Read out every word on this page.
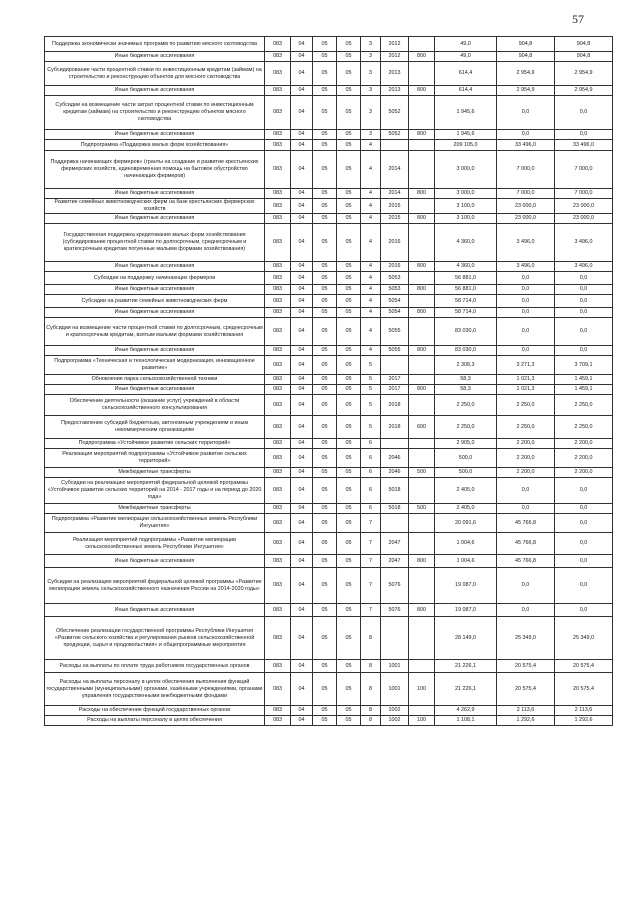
57
Поддержка экономически значимых программ по развитию мясного скотоводства	083	04	05	05	3	2012		49,0	904,8	904,8
Иные бюджетные ассигнования	083	04	05	05	3	2012	800	49,0	904,8	904,8
Субсидирование части процентной ставки по инвестиционным кредитам (займам) на строительство и реконструкцию объектов для мясного скотоводства	083	04	05	05	3	2013		614,4	2 954,9	2 954,9
Иные бюджетные ассигнования	083	04	05	05	3	2013	800	614,4	2 954,9	2 954,9
Субсидии на возмещение части затрат процентной ставки по инвестиционным кредитам (займам) на строительство и реконструкцию объектов мясного скотоводства	083	04	05	05	3	5052		1 945,6	0,0	0,0
Иные бюджетные ассигнования	083	04	05	05	3	5052	800	1 945,6	0,0	0,0
Подпрограмма «Поддержка малых форм хозяйствования»	083	04	05	05	4			209 105,0	33 496,0	33 496,0
Поддержка начинающих фермеров» (гранты на создание и развитие крестьянских фермерских хозяйств, единовременная помощь на бытовое обустройство начинающих фермеров)	083	04	05	05	4	2014		3 000,0	7 000,0	7 000,0
Иные бюджетные ассигнования	083	04	05	05	4	2014	800	3 000,0	7 000,0	7 000,0
Развитие семейных животноводческих ферм на базе крестьянских фермерских хозяйств	083	04	05	05	4	2015		3 100,0	23 000,0	23 000,0
Иные бюджетные ассигнования	083	04	05	05	4	2015	800	3 100,0	23 000,0	23 000,0
Государственная поддержка кредитования малых форм хозяйствования (субсидирование процентной ставки по долгосрочным, среднесрочным и краткосрочным кредитам погуенные малыми формами хозяйствования)	083	04	05	05	4	2016		4 360,0	3 496,0	3 496,0
Иные бюджетные ассигнования	083	04	05	05	4	2016	800	4 360,0	3 496,0	3 496,0
Субсидии на поддержку начинающих фермеров	083	04	05	05	4	5053		56 881,0	0,0	0,0
Иные бюджетные ассигнования	083	04	05	05	4	5053	800	56 881,0	0,0	0,0
Субсидии на развитие семейных животноводческих ферм	083	04	05	05	4	5054		58 714,0	0,0	0,0
Иные бюджетные ассигнования	083	04	05	05	4	5054	800	58 714,0	0,0	0,0
Субсидии на возмещение части процентной ставки по долгосрочным, среднесрочным и краткосрочным кредитам, взятым малыми формами хозяйствования	083	04	05	05	4	5055		83 030,0	0,0	0,0
Иные бюджетные ассигнования	083	04	05	05	4	5055	800	83 030,0	0,0	0,0
Подпрограмма «Техническая и технологическая модернизация, инновационное развитие»	083	04	05	05	5			2 308,3	3 271,3	3 709,1
Обновление парка сельскохозяйственной техники	083	04	05	05	5	2017		58,3	1 021,3	1 459,1
Иные бюджетные ассигнования	083	04	05	05	5	2017	800	58,3	1 021,3	1 459,1
Обеспечение деятельности (оказание услуг) учреждений в области сельскохозяйственного консультирования	083	04	05	05	5	2018		2 250,0	2 250,0	2 250,0
Предоставление субсидий бюджетным, автономным учреждениям и иным некоммерческим организациям	083	04	05	05	5	2018	600	2 250,0	2 250,0	2 250,0
Подпрограмма «Устойчивое развитие сельских территорий»	083	04	05	05	6			2 905,0	2 200,0	2 200,0
Реализация мероприятий подпрограммы «Устойчивое развитие сельских территорий»	083	04	05	05	6	2046		500,0	2 200,0	2 200,0
Межбюджетные трансферты	083	04	05	05	6	2046	500	500,0	2 200,0	2 200,0
Субсидии на реализацию мероприятий федеральной целевой программы «Устойчивое развитие сельских территорий на 2014 - 2017 годы и на период до 2020 года»	083	04	05	05	6	5018		2 405,0	0,0	0,0
Межбюджетные трансферты	083	04	05	05	6	5018	500	2 405,0	0,0	0,0
Подпрограмма «Развитие мелиорации сельскохозяйственных земель Республики Ингушетия»	083	04	05	05	7			20 091,6	45 766,8	0,0
Реализация мероприятий подпрограммы «Развитие мелиорации сельскохозяйственных земель Республики Ингушетия»	083	04	05	05	7	2047		1 004,6	45 766,8	0,0
Иные бюджетные ассигнования	083	04	05	05	7	2047	800	1 004,6	45 766,8	0,0
Субсидии на реализацию мероприятий федеральной целевой программы «Развитие мелиорации земель сельскохозяйственного назначения России на 2014-2020 годы»	083	04	05	05	7	5076		19 087,0	0,0	0,0
Иные бюджетные ассигнования	083	04	05	05	7	5076	800	19 087,0	0,0	0,0
Обеспечение реализации государственной программы Республики Ингушетия «Развитие сельского хозяйства и регулирования рынков сельскохозяйственной продукции, сырья и продовольствия» и общепрограммные мероприятия	083	04	05	05	8			28 149,0	25 349,0	25 349,0
Расходы на выплаты по оплате труда работников государственных органов	083	04	05	05	8	1001		21 226,1	20 575,4	20 575,4
Расходы на выплаты персоналу в целях обеспечения выполнения функций государственными (муниципальными) органами, казёнными учреждениями, органами управления государственными внебюджетными фондами	083	04	05	05	8	1001	100	21 226,1	20 575,4	20 575,4
Расходы на обеспечение функций государственных органов	083	04	05	05	8	1002		4 262,9	2 113,6	2 113,6
Расходы на выплаты персоналу в целях обеспечения	083	04	05	05	8	1002	100	1 108,1	1 292,6	1 292,6
